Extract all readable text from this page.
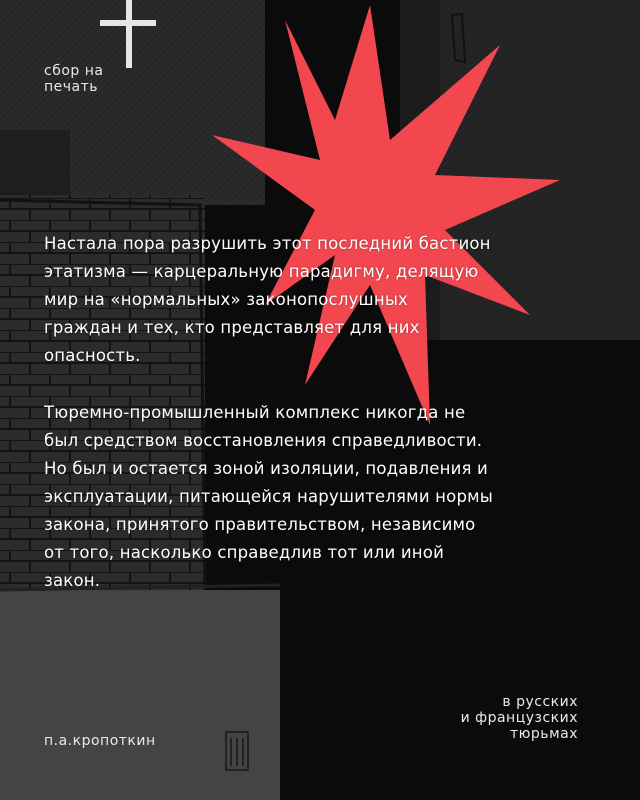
сбор на
печать

Настала пора разрушить этот последний бастион
этатизма — карцеральную парадигму, делящую
мир на «нормальных» законопослушных
граждан и тех, кто представляет для них
опасность.

Тюремно-промышленный комплекс никогда не
был средством восстановления справедливости.
Но был и остается зоной изоляции, подавления и
эксплуатации, питающейся нарушителями нормы
закона, принятого правительством, независимо
от того, насколько справедлив тот или иной
закон.

п.а.кропоткин
в русских
и французских
тюрьмах
